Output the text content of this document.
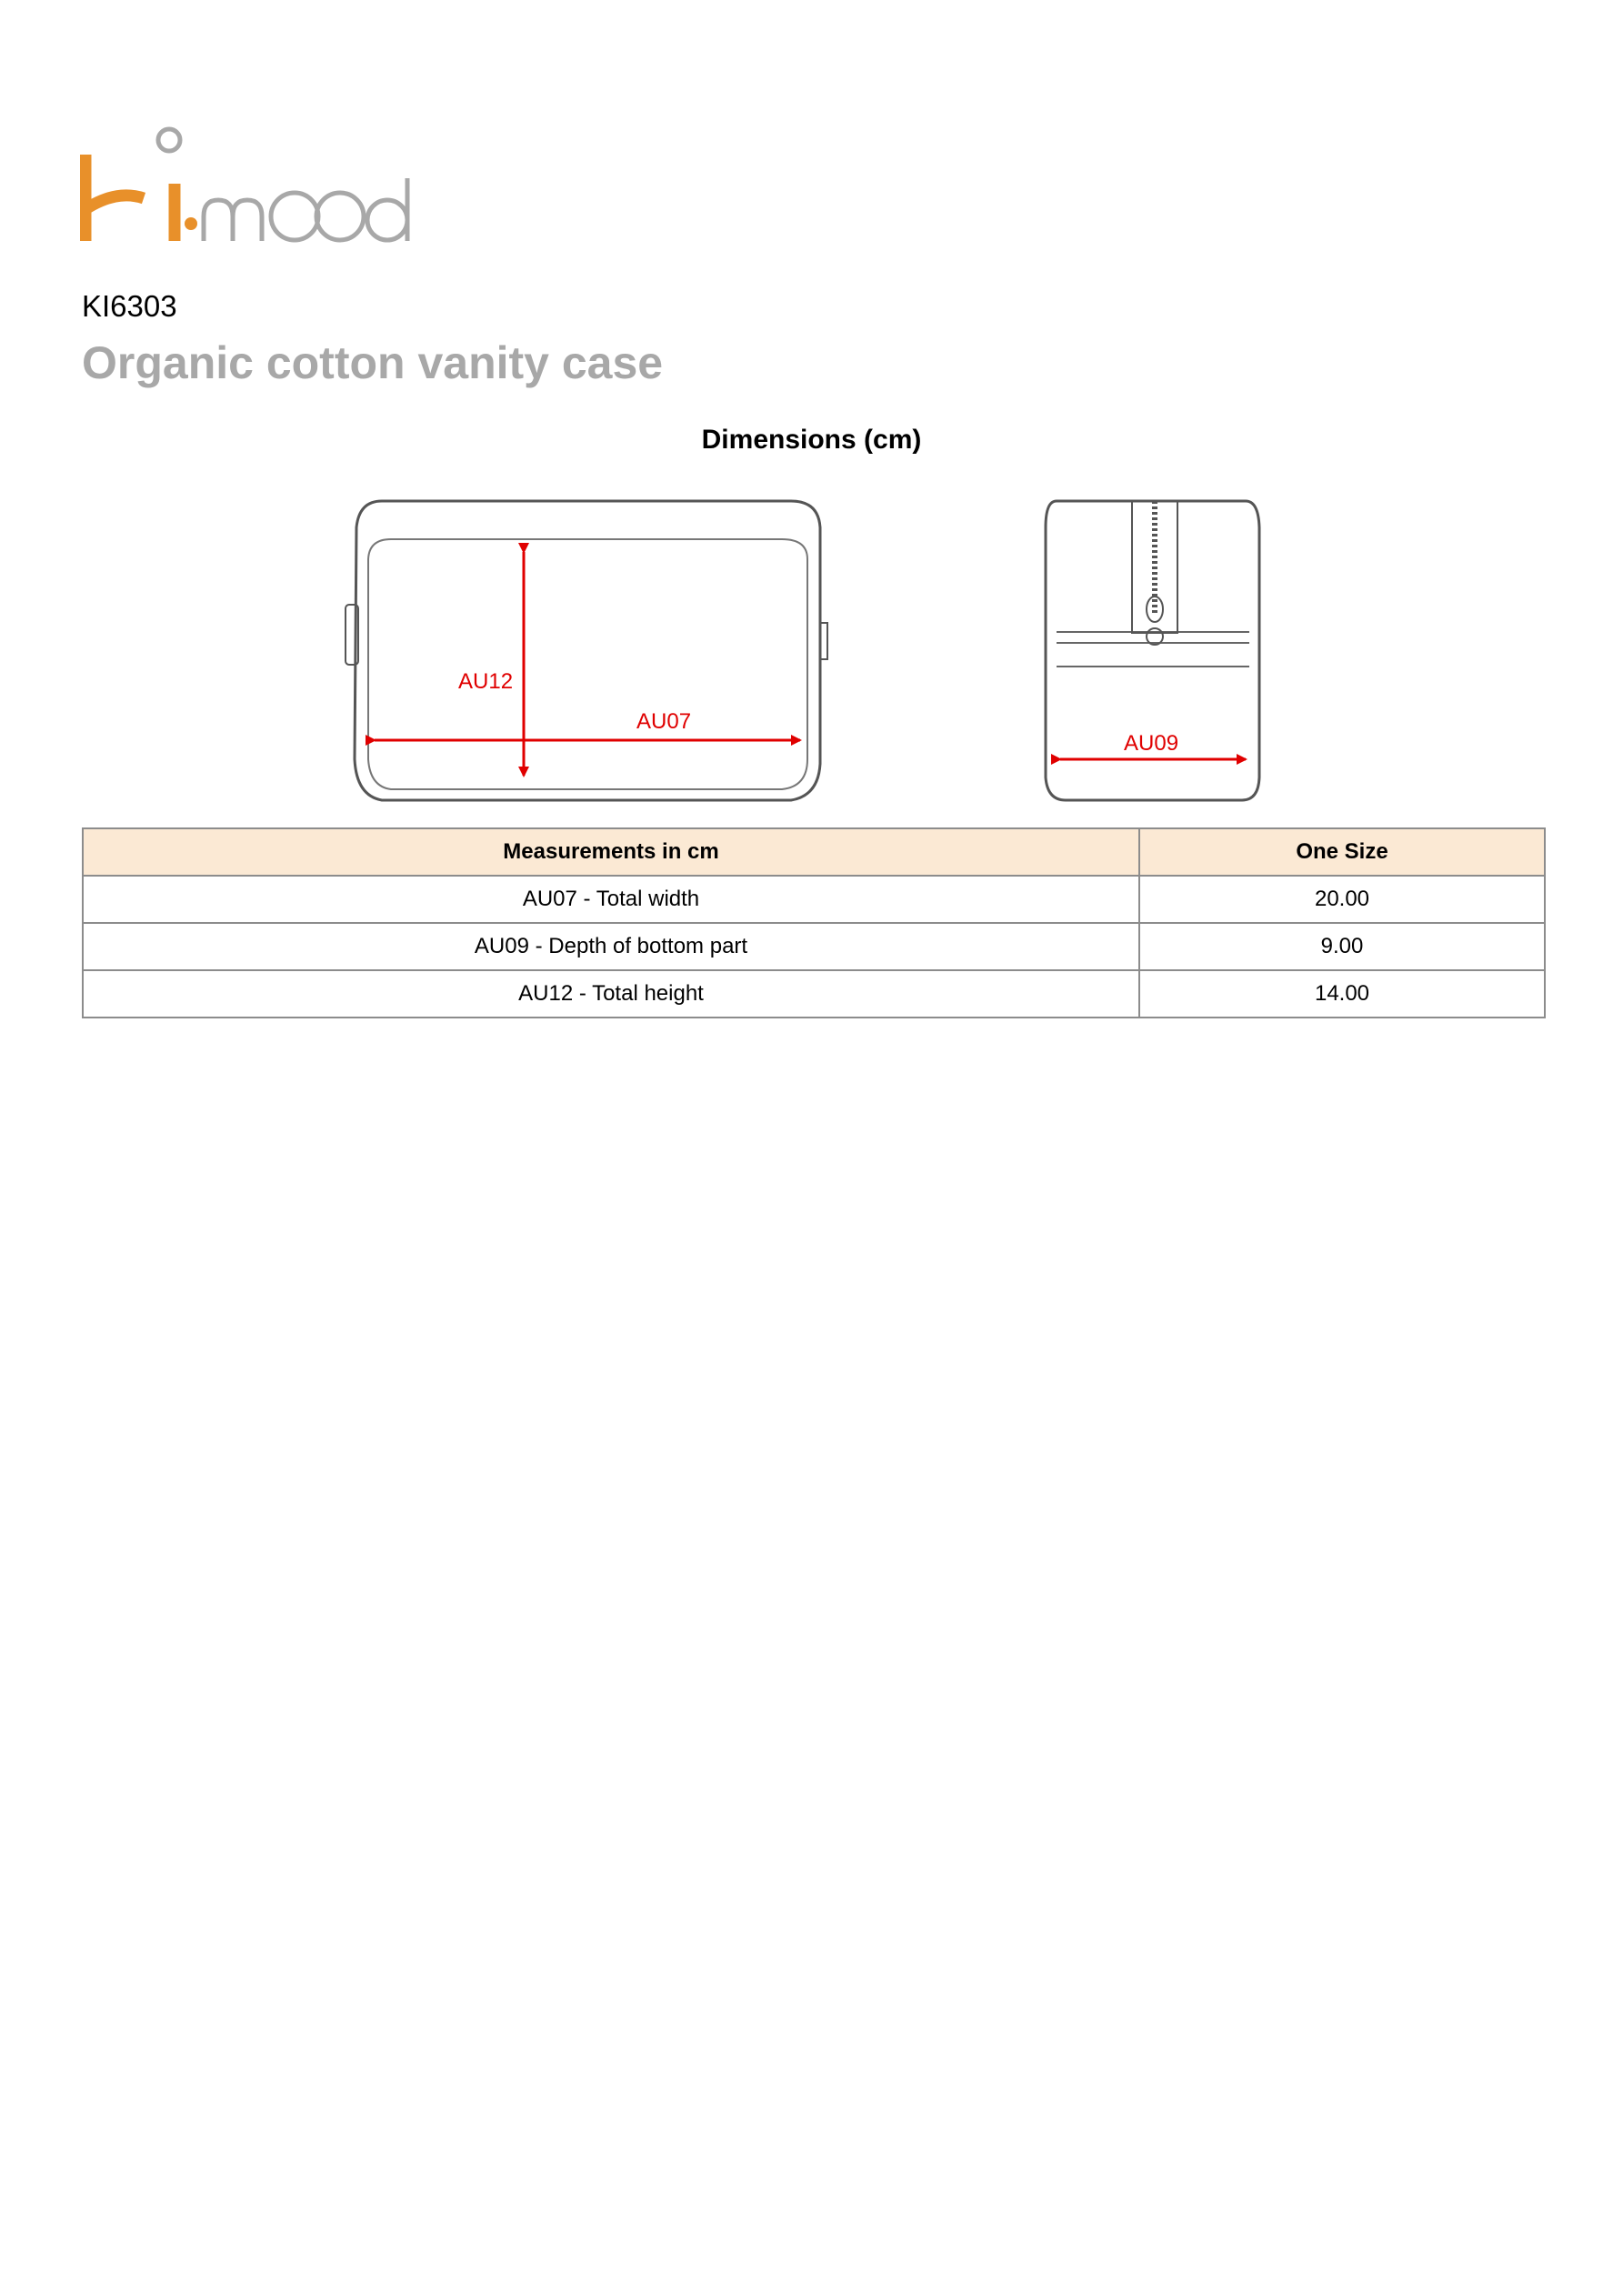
KI6303
Organic cotton vanity case
Dimensions (cm)
AU12
AU07
AU09
Measurements in cm	One Size
AU07 - Total width	20.00
AU09 - Depth of bottom part	9.00
AU12 - Total height	14.00
